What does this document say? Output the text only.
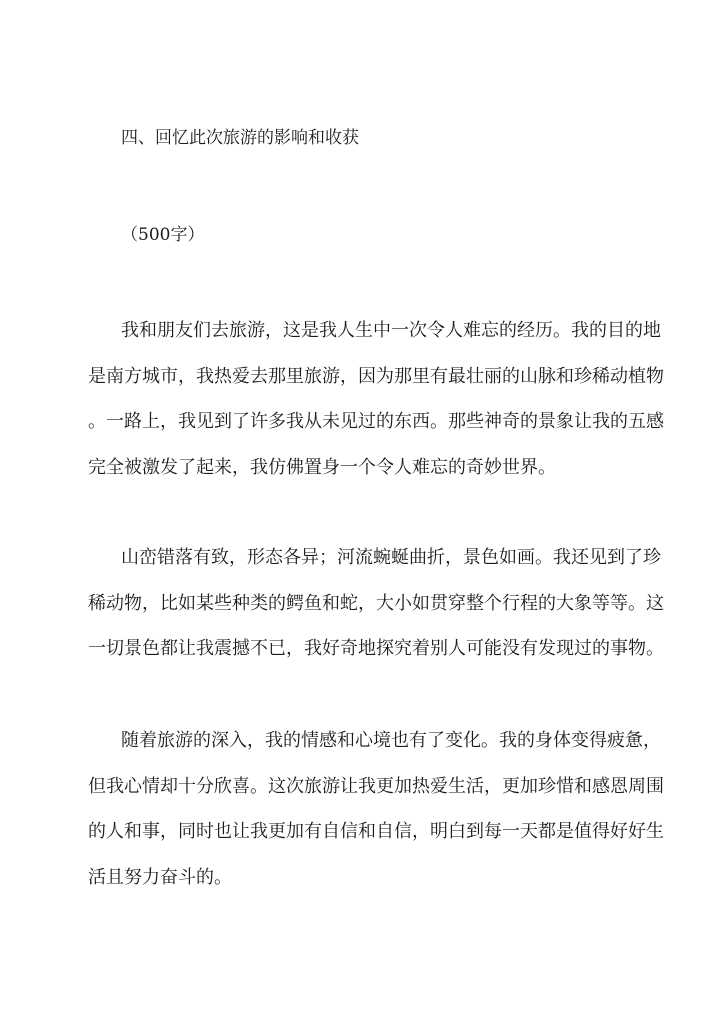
四、回忆此次旅游的影响和收获
（500字）
我和朋友们去旅游，这是我人生中一次令人难忘的经历。我的目的地
是南方城市，我热爱去那里旅游，因为那里有最壮丽的山脉和珍稀动植物
。一路上，我见到了许多我从未见过的东西。那些神奇的景象让我的五感
完全被激发了起来，我仿佛置身一个令人难忘的奇妙世界。
山峦错落有致，形态各异；河流蜿蜒曲折，景色如画。我还见到了珍
稀动物，比如某些种类的鳄鱼和蛇，大小如贯穿整个行程的大象等等。这
一切景色都让我震撼不已，我好奇地探究着别人可能没有发现过的事物。
随着旅游的深入，我的情感和心境也有了变化。我的身体变得疲惫，
但我心情却十分欣喜。这次旅游让我更加热爱生活，更加珍惜和感恩周围
的人和事，同时也让我更加有自信和自信，明白到每一天都是值得好好生
活且努力奋斗的。
